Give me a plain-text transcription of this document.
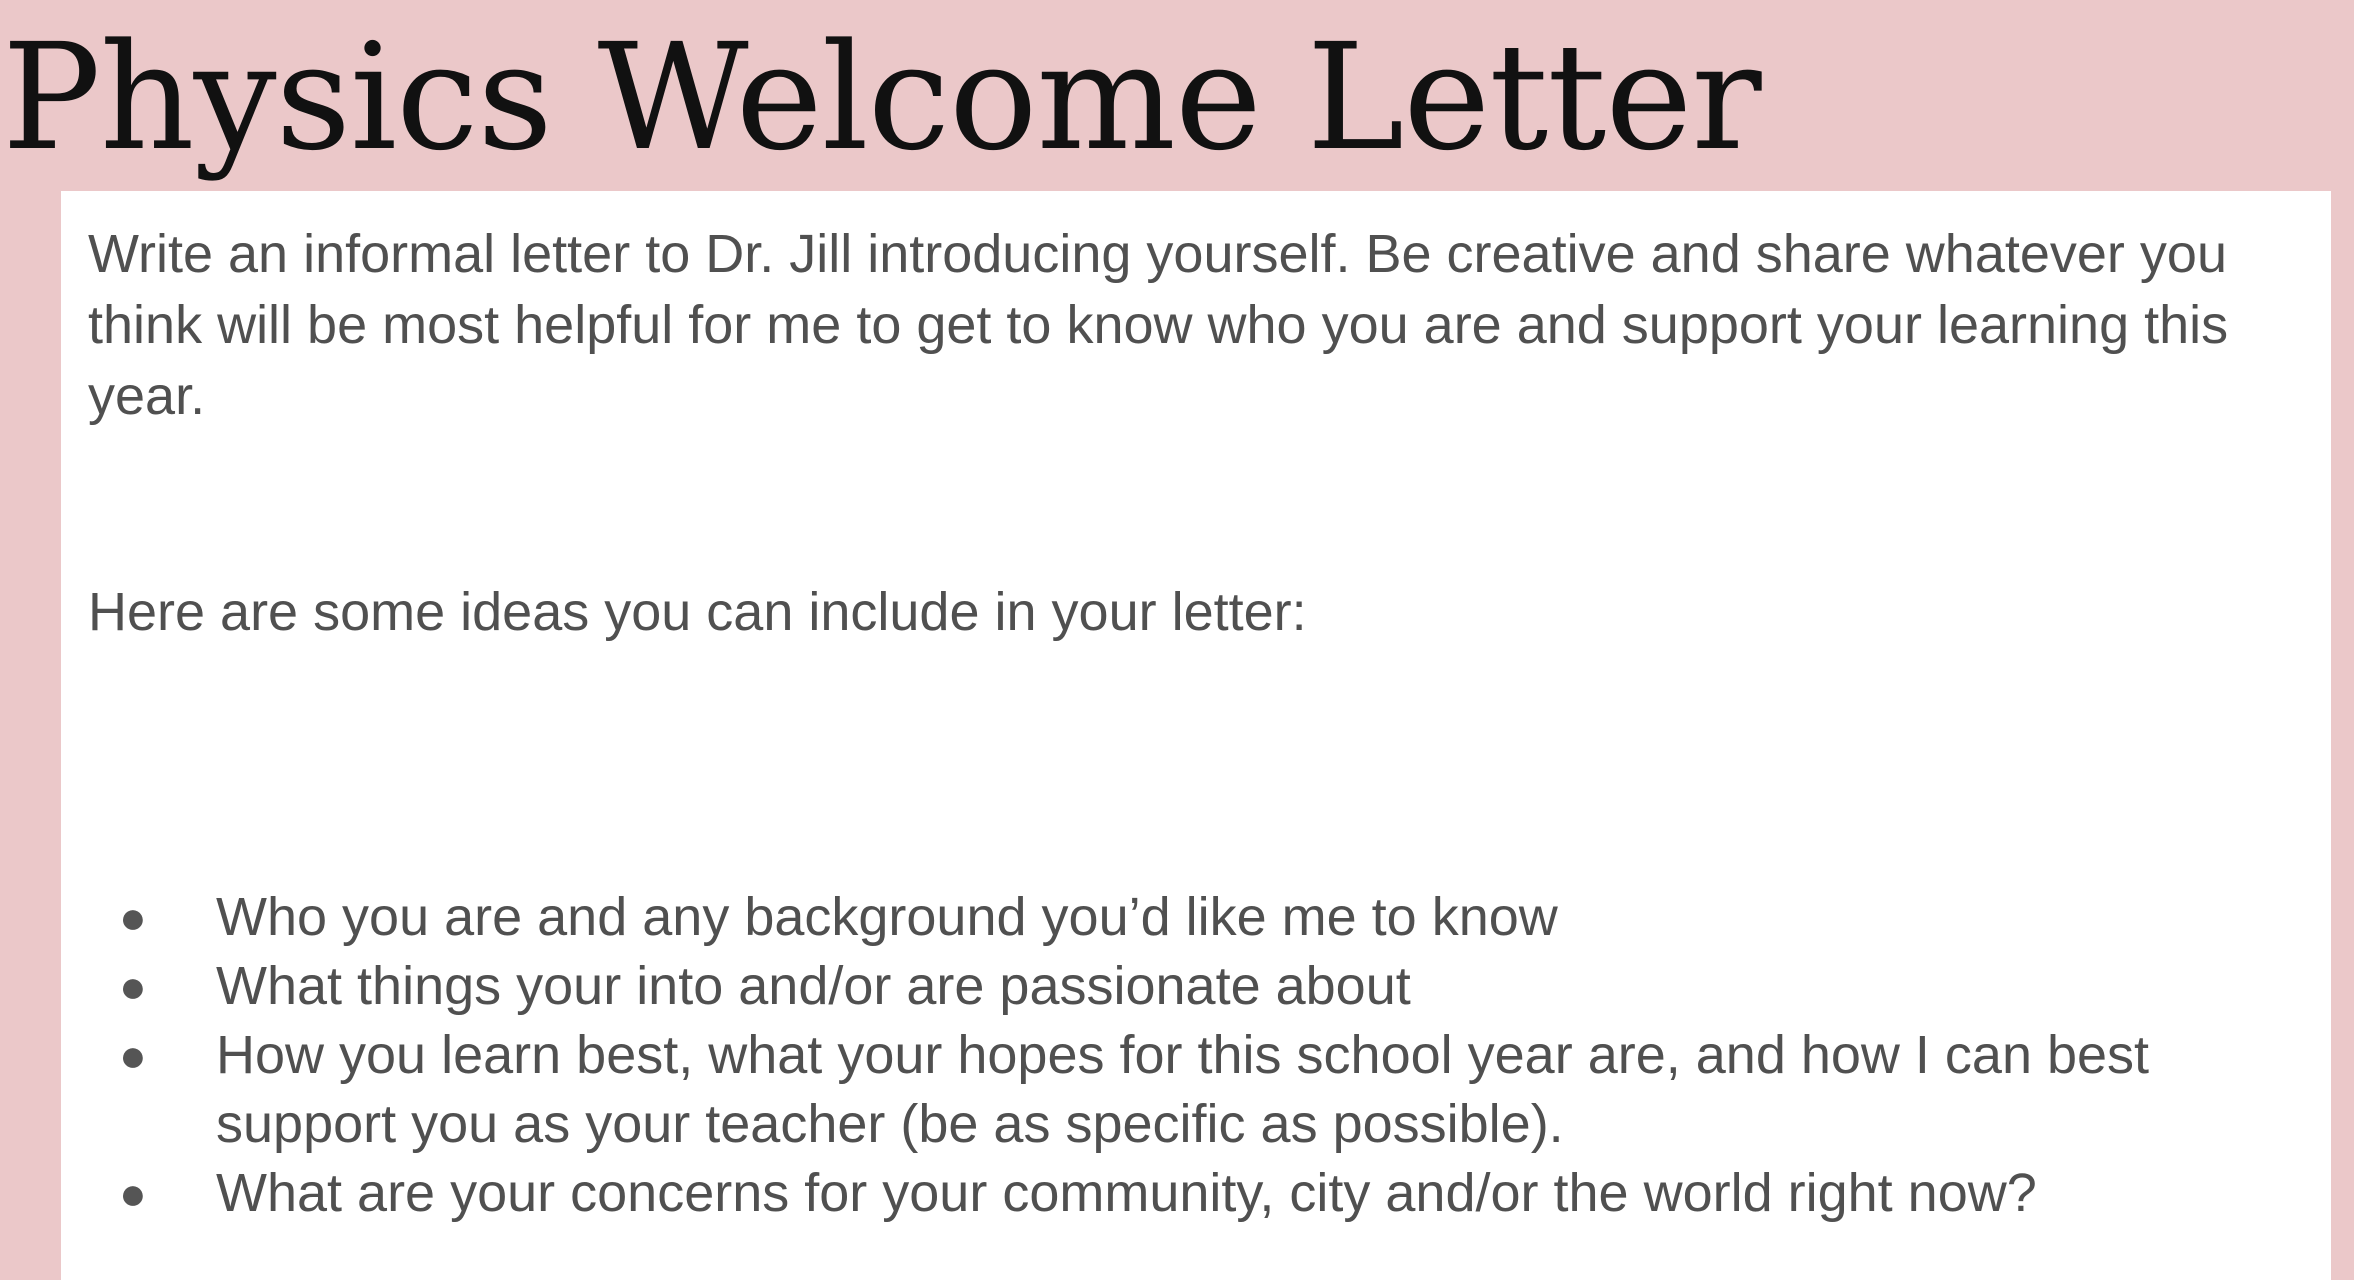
Physics Welcome Letter

Write an informal letter to Dr. Jill introducing yourself. Be creative and share whatever you think will be most helpful for me to get to know who you are and support your learning this year.

Here are some ideas you can include in your letter:

● Who you are and any background you’d like me to know
● What things your into and/or are passionate about
● How you learn best, what your hopes for this school year are, and how I can best support you as your teacher (be as specific as possible).
● What are your concerns for your community, city and/or the world right now?
